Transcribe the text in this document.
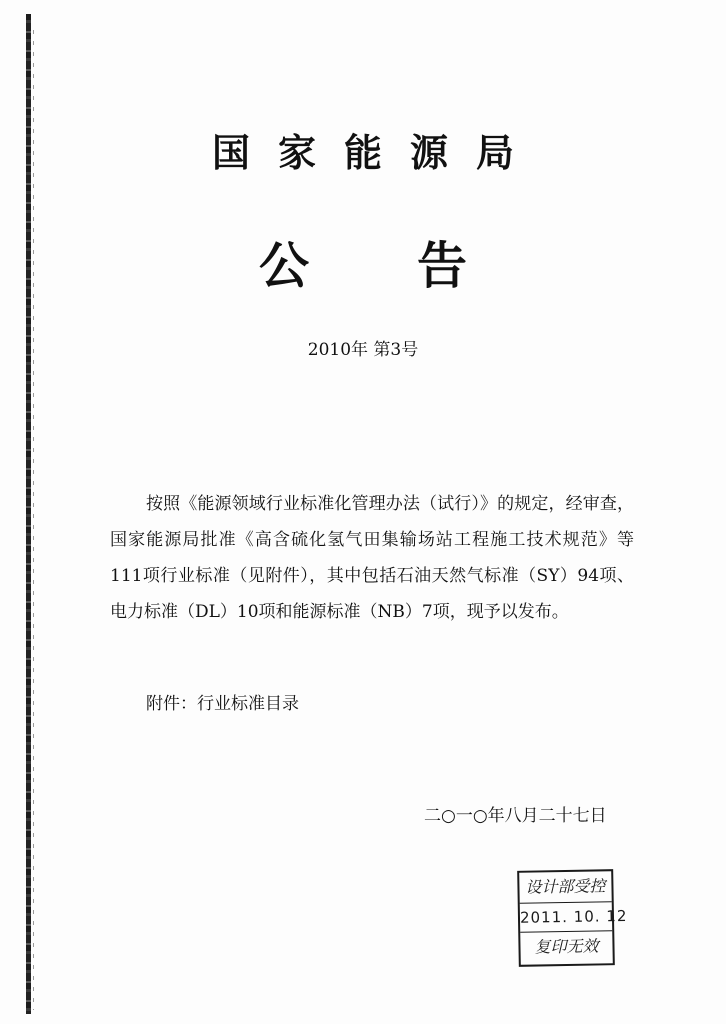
国家能源局
公告
2010年 第3号

按照《能源领域行业标准化管理办法（试行）》的规定，经审查，国家能源局批准《高含硫化氢气田集输场站工程施工技术规范》等111项行业标准（见附件），其中包括石油天然气标准（SY）94项、电力标准（DL）10项和能源标准（NB）7项，现予以发布。

附件：行业标准目录
二○一○年八月二十七日
设计部受控
2011. 10. 12
复印无效
